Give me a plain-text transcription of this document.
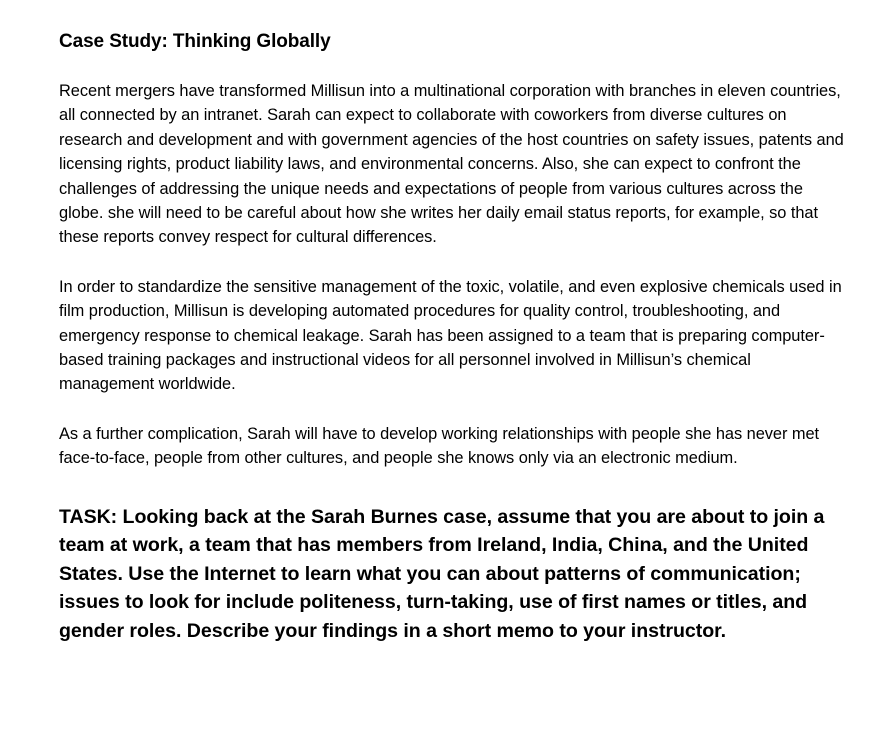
Case Study: Thinking Globally

Recent mergers have transformed Millisun into a multinational corporation with branches in eleven countries, all connected by an intranet. Sarah can expect to collaborate with coworkers from diverse cultures on research and development and with government agencies of the host countries on safety issues, patents and licensing rights, product liability laws, and environmental concerns. Also, she can expect to confront the challenges of addressing the unique needs and expectations of people from various cultures across the globe. she will need to be careful about how she writes her daily email status reports, for example, so that these reports convey respect for cultural differences.

In order to standardize the sensitive management of the toxic, volatile, and even explosive chemicals used in film production, Millisun is developing automated procedures for quality control, troubleshooting, and emergency response to chemical leakage. Sarah has been assigned to a team that is preparing computer-based training packages and instructional videos for all personnel involved in Millisun’s chemical management worldwide.

As a further complication, Sarah will have to develop working relationships with people she has never met face-to-face, people from other cultures, and people she knows only via an electronic medium.

TASK: Looking back at the Sarah Burnes case, assume that you are about to join a team at work, a team that has members from Ireland, India, China, and the United States. Use the Internet to learn what you can about patterns of communication; issues to look for include politeness, turn-taking, use of first names or titles, and gender roles. Describe your findings in a short memo to your instructor.
